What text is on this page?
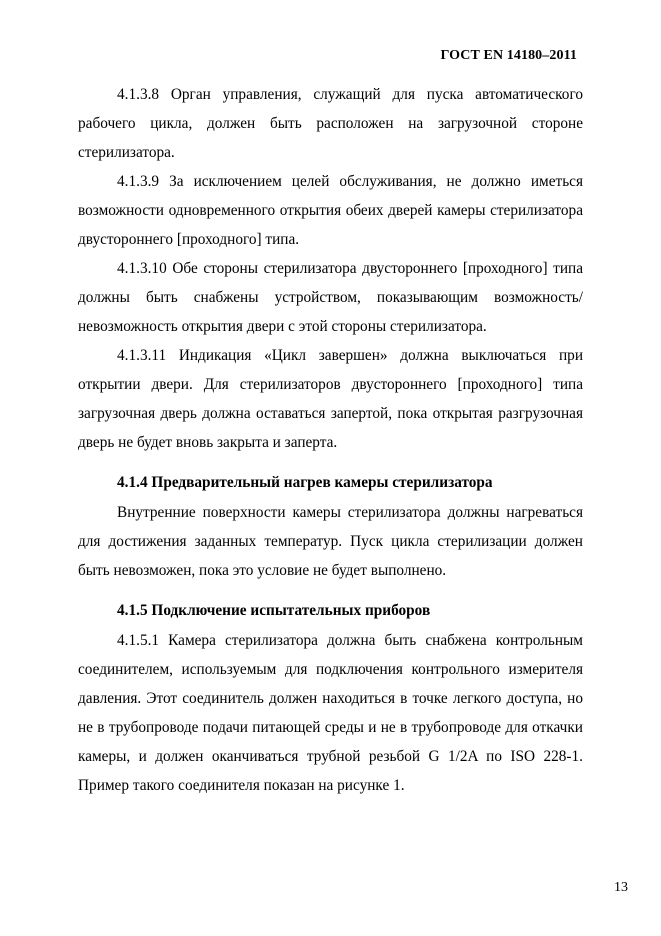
ГОСТ EN 14180–2011

4.1.3.8 Орган управления, служащий для пуска автоматического рабочего цикла, должен быть расположен на загрузочной стороне стерилизатора.

4.1.3.9 За исключением целей обслуживания, не должно иметься возможности одновременного открытия обеих дверей камеры стерилизатора двустороннего [проходного] типа.

4.1.3.10 Обе стороны стерилизатора двустороннего [проходного] типа должны быть снабжены устройством, показывающим возможность/невозможность открытия двери с этой стороны стерилизатора.

4.1.3.11 Индикация «Цикл завершен» должна выключаться при открытии двери. Для стерилизаторов двустороннего [проходного] типа загрузочная дверь должна оставаться запертой, пока открытая разгрузочная дверь не будет вновь закрыта и заперта.

4.1.4 Предварительный нагрев камеры стерилизатора

Внутренние поверхности камеры стерилизатора должны нагреваться для достижения заданных температур. Пуск цикла стерилизации должен быть невозможен, пока это условие не будет выполнено.

4.1.5 Подключение испытательных приборов

4.1.5.1 Камера стерилизатора должна быть снабжена контрольным соединителем, используемым для подключения контрольного измерителя давления. Этот соединитель должен находиться в точке легкого доступа, но не в трубопроводе подачи питающей среды и не в трубопроводе для откачки камеры, и должен оканчиваться трубной резьбой G 1/2A по ISO 228-1. Пример такого соединителя показан на рисунке 1.

13
